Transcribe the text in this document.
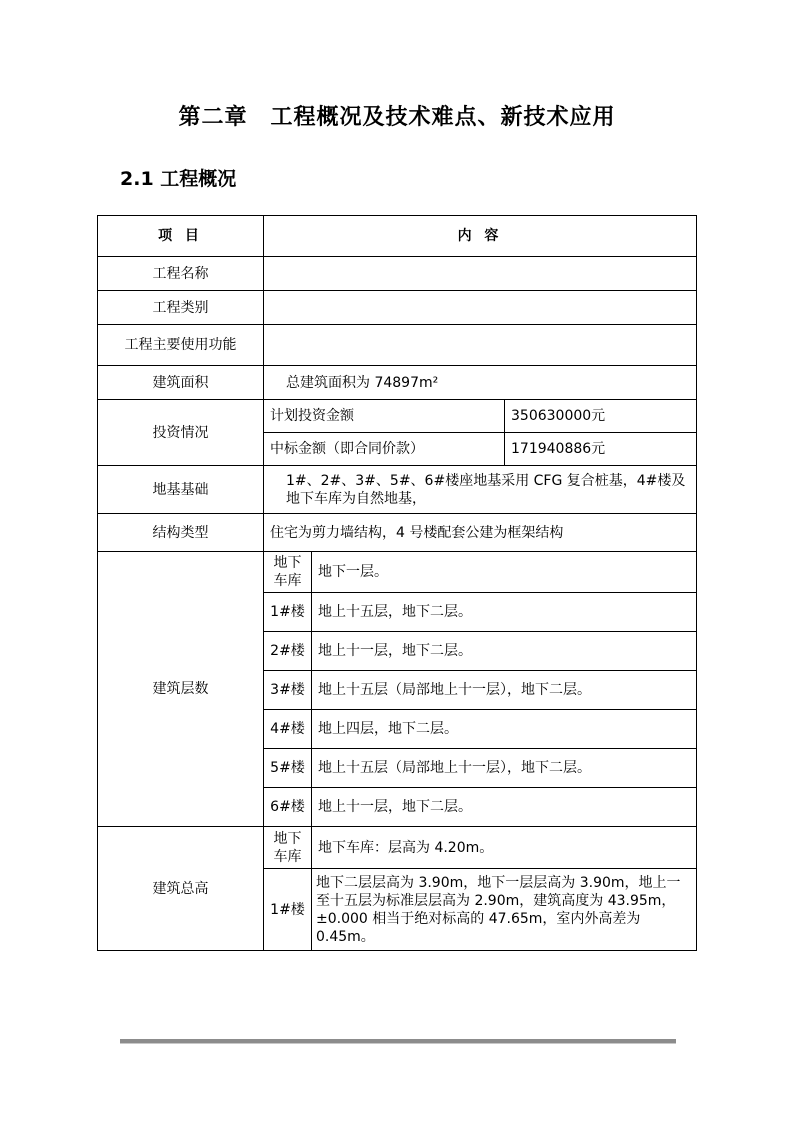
第二章　工程概况及技术难点、新技术应用
2.1 工程概况
项 目	内 容		
工程名称			
工程类别			
工程主要使用功能			
建筑面积	总建筑面积为 74897m²		
投资情况	计划投资金额		350630000元
	中标金额（即合同价款）		171940886元
地基基础	1#、2#、3#、5#、6#楼座地基采用 CFG 复合桩基，4#楼及地下车库为自然地基，		
结构类型	住宅为剪力墙结构，4 号楼配套公建为框架结构		
建筑层数	地下车库	地下一层。	
	1#楼	地上十五层，地下二层。	
	2#楼	地上十一层，地下二层。	
	3#楼	地上十五层（局部地上十一层），地下二层。	
	4#楼	地上四层，地下二层。	
	5#楼	地上十五层（局部地上十一层），地下二层。	
	6#楼	地上十一层，地下二层。	
建筑总高	地下车库	地下车库：层高为 4.20m。	
	1#楼	地下二层层高为 3.90m，地下一层层高为 3.90m，地上一至十五层为标准层层高为 2.90m，建筑高度为 43.95m，±0.000 相当于绝对标高的 47.65m，室内外高差为 0.45m。	
